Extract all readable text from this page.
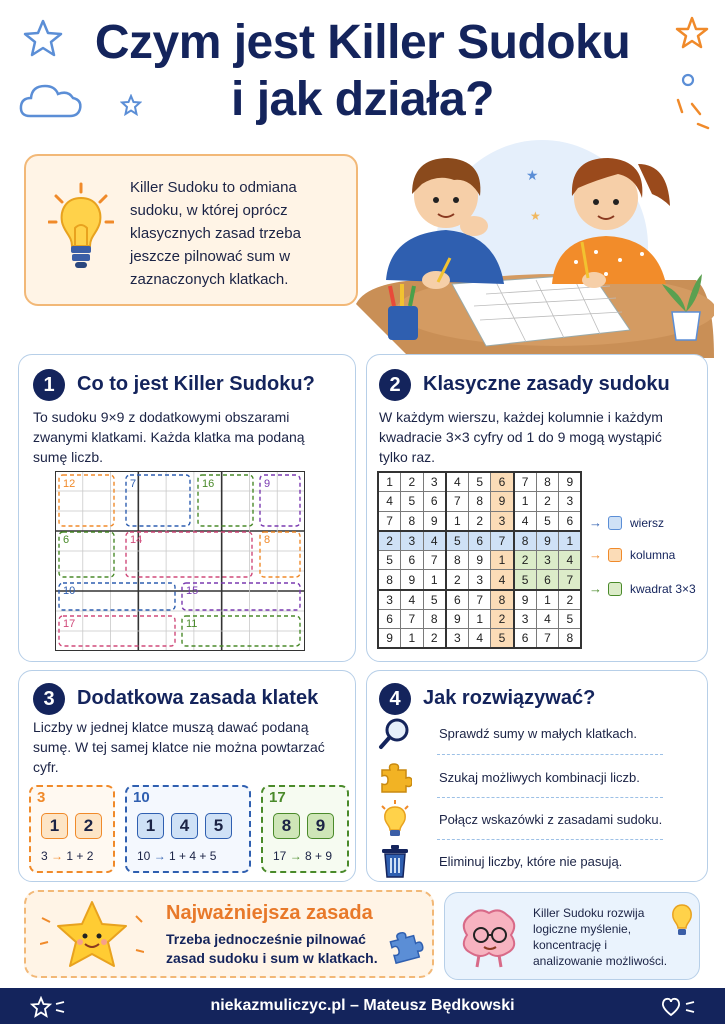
Czym jest Killer Sudoku
i jak działa?
Killer Sudoku to odmiana sudoku, w której oprócz klasycznych zasad trzeba jeszcze pilnować sum w zaznaczonych klatkach.
★
★
1	Co to jest Killer Sudoku?
To sudoku 9×9 z dodatkowymi obszarami zwanymi klatkami. Każda klatka ma podaną sumę liczb.
12	7	16	9
6	14	8
10	15
17	11
2	Klasyczne zasady sudoku
W każdym wierszu, każdej kolumnie i każdym kwadracie 3×3 cyfry od 1 do 9 mogą wystąpić tylko raz.
1	2	3	4	5	6	7	8	9
4	5	6	7	8	9	1	2	3
7	8	9	1	2	3	4	5	6
2	3	4	5	6	7	8	9	1
5	6	7	8	9	1	2	3	4
8	9	1	2	3	4	5	6	7
3	4	5	6	7	8	9	1	2
6	7	8	9	1	2	3	4	5
9	1	2	3	4	5	6	7	8
→ wiersz
→ kolumna
→ kwadrat 3×3
3	Dodatkowa zasada klatek
Liczby w jednej klatce muszą dawać podaną sumę. W tej samej klatce nie można powtarzać cyfr.
3
1	2
3 → 1 + 2
10
1	4	5
10 → 1 + 4 + 5
17
8	9
17 → 8 + 9
4	Jak rozwiązywać?
Sprawdź sumy w małych klatkach.
Szukaj możliwych kombinacji liczb.
Połącz wskazówki z zasadami sudoku.
Eliminuj liczby, które nie pasują.
Najważniejsza zasada
Trzeba jednocześnie pilnować zasad sudoku i sum w klatkach.
Killer Sudoku rozwija logiczne myślenie, koncentrację i analizowanie możliwości.
niekazmuliczyc.pl – Mateusz Będkowski
